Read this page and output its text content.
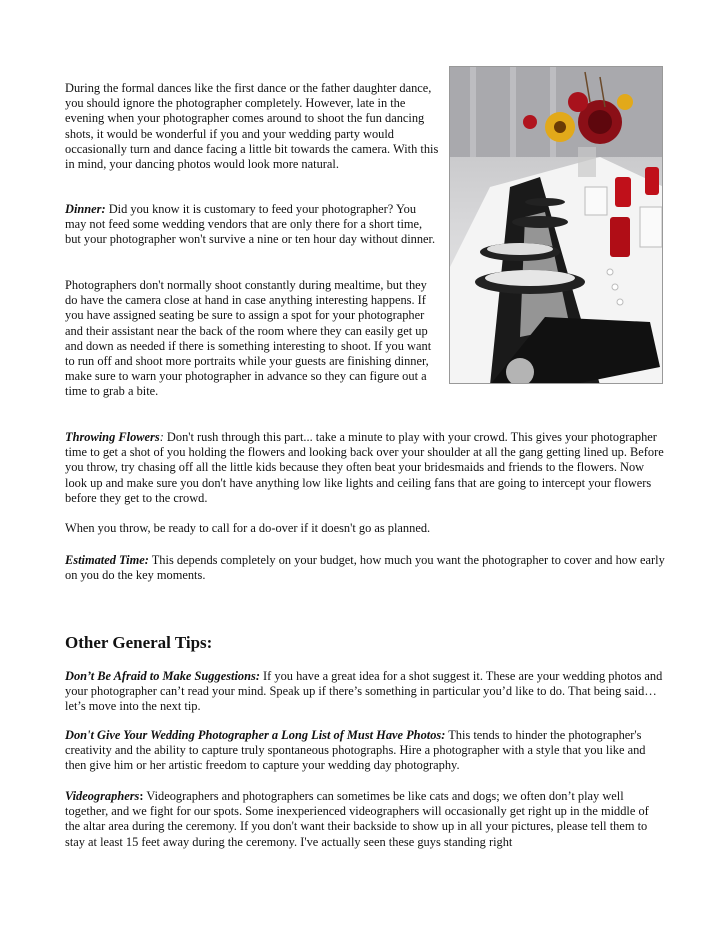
During the formal dances like the first dance or the father daughter dance, you should ignore the photographer completely. However, late in the evening when your photographer comes around to shoot the fun dancing shots, it would be wonderful if you and your wedding party would occasionally turn and dance facing a little bit towards the camera. With this in mind, your dancing photos would look more natural.

Dinner: Did you know it is customary to feed your photographer? You may not feed some wedding vendors that are only there for a short time, but your photographer won't survive a nine or ten hour day without dinner.

Photographers don't normally shoot constantly during mealtime, but they do have the camera close at hand in case anything interesting happens. If you have assigned seating be sure to assign a spot for your photographer and their assistant near the back of the room where they can easily get up and down as needed if there is something interesting to shoot. If you want to run off and shoot more portraits while your guests are finishing dinner, make sure to warn your photographer in advance so they can figure out a time to grab a bite.

Throwing Flowers: Don't rush through this part... take a minute to play with your crowd. This gives your photographer time to get a shot of you holding the flowers and looking back over your shoulder at all the gang getting lined up. Before you throw, try chasing off all the little kids because they often beat your bridesmaids and friends to the flowers. Now look up and make sure you don't have anything low like lights and ceiling fans that are going to intercept your flowers before they get to the crowd.

When you throw, be ready to call for a do-over if it doesn't go as planned.

Estimated Time: This depends completely on your budget, how much you want the photographer to cover and how early on you do the key moments.

Other General Tips:

Don’t Be Afraid to Make Suggestions: If you have a great idea for a shot suggest it. These are your wedding photos and your photographer can’t read your mind. Speak up if there’s something in particular you’d like to do. That being said…let’s move into the next tip.

Don't Give Your Wedding Photographer a Long List of Must Have Photos: This tends to hinder the photographer's creativity and the ability to capture truly spontaneous photographs. Hire a photographer with a style that you like and then give him or her artistic freedom to capture your wedding day photography.

Videographers: Videographers and photographers can sometimes be like cats and dogs; we often don’t play well together, and we fight for our spots. Some inexperienced videographers will occasionally get right up in the middle of the altar area during the ceremony. If you don't want their backside to show up in all your pictures, please tell them to stay at least 15 feet away during the ceremony. I've actually seen these guys standing right
